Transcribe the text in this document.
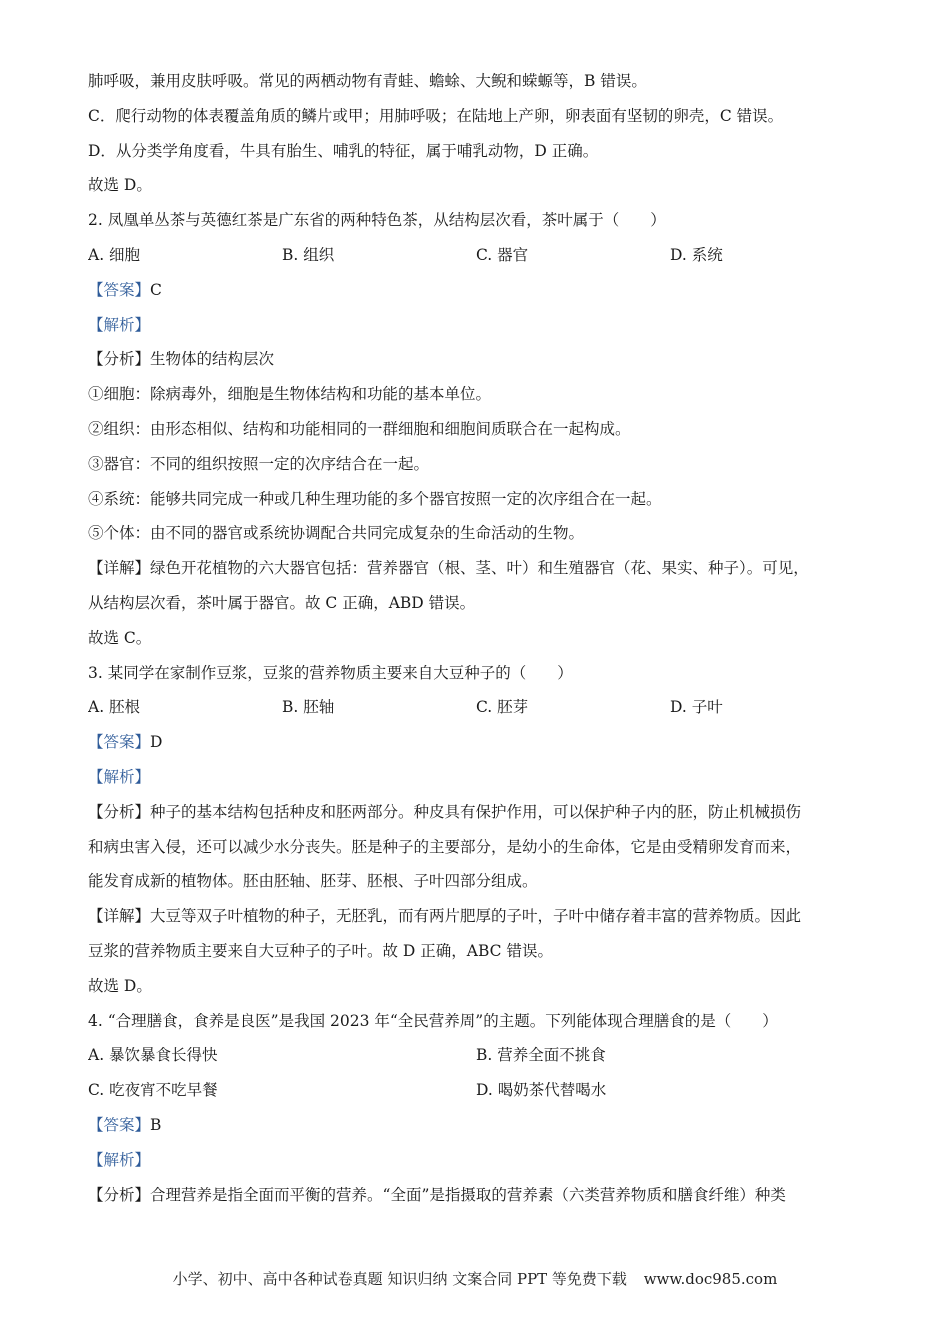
肺呼吸，兼用皮肤呼吸。常见的两栖动物有青蛙、蟾蜍、大鲵和蝾螈等，B 错误。
C．爬行动物的体表覆盖角质的鳞片或甲；用肺呼吸；在陆地上产卵，卵表面有坚韧的卵壳，C 错误。
D．从分类学角度看，牛具有胎生、哺乳的特征，属于哺乳动物，D 正确。
故选 D。
2. 凤凰单丛茶与英德红茶是广东省的两种特色茶，从结构层次看，茶叶属于（　　）
A. 细胞	B. 组织	C. 器官	D. 系统
【答案】C
【解析】
【分析】生物体的结构层次
①细胞：除病毒外，细胞是生物体结构和功能的基本单位。
②组织：由形态相似、结构和功能相同的一群细胞和细胞间质联合在一起构成。
③器官：不同的组织按照一定的次序结合在一起。
④系统：能够共同完成一种或几种生理功能的多个器官按照一定的次序组合在一起。
⑤个体：由不同的器官或系统协调配合共同完成复杂的生命活动的生物。
【详解】绿色开花植物的六大器官包括：营养器官（根、茎、叶）和生殖器官（花、果实、种子）。可见，
从结构层次看，茶叶属于器官。故 C 正确，ABD 错误。
故选 C。
3. 某同学在家制作豆浆，豆浆的营养物质主要来自大豆种子的（　　）
A. 胚根	B. 胚轴	C. 胚芽	D. 子叶
【答案】D
【解析】
【分析】种子的基本结构包括种皮和胚两部分。种皮具有保护作用，可以保护种子内的胚，防止机械损伤
和病虫害入侵，还可以减少水分丧失。胚是种子的主要部分，是幼小的生命体，它是由受精卵发育而来，
能发育成新的植物体。胚由胚轴、胚芽、胚根、子叶四部分组成。
【详解】大豆等双子叶植物的种子，无胚乳，而有两片肥厚的子叶，子叶中储存着丰富的营养物质。因此
豆浆的营养物质主要来自大豆种子的子叶。故 D 正确，ABC 错误。
故选 D。
4. “合理膳食，食养是良医”是我国 2023 年“全民营养周”的主题。下列能体现合理膳食的是（　　）
A. 暴饮暴食长得快	B. 营养全面不挑食
C. 吃夜宵不吃早餐	D. 喝奶茶代替喝水
【答案】B
【解析】
【分析】合理营养是指全面而平衡的营养。“全面”是指摄取的营养素（六类营养物质和膳食纤维）种类
小学、初中、高中各种试卷真题 知识归纳 文案合同 PPT 等免费下载 www.doc985.com
